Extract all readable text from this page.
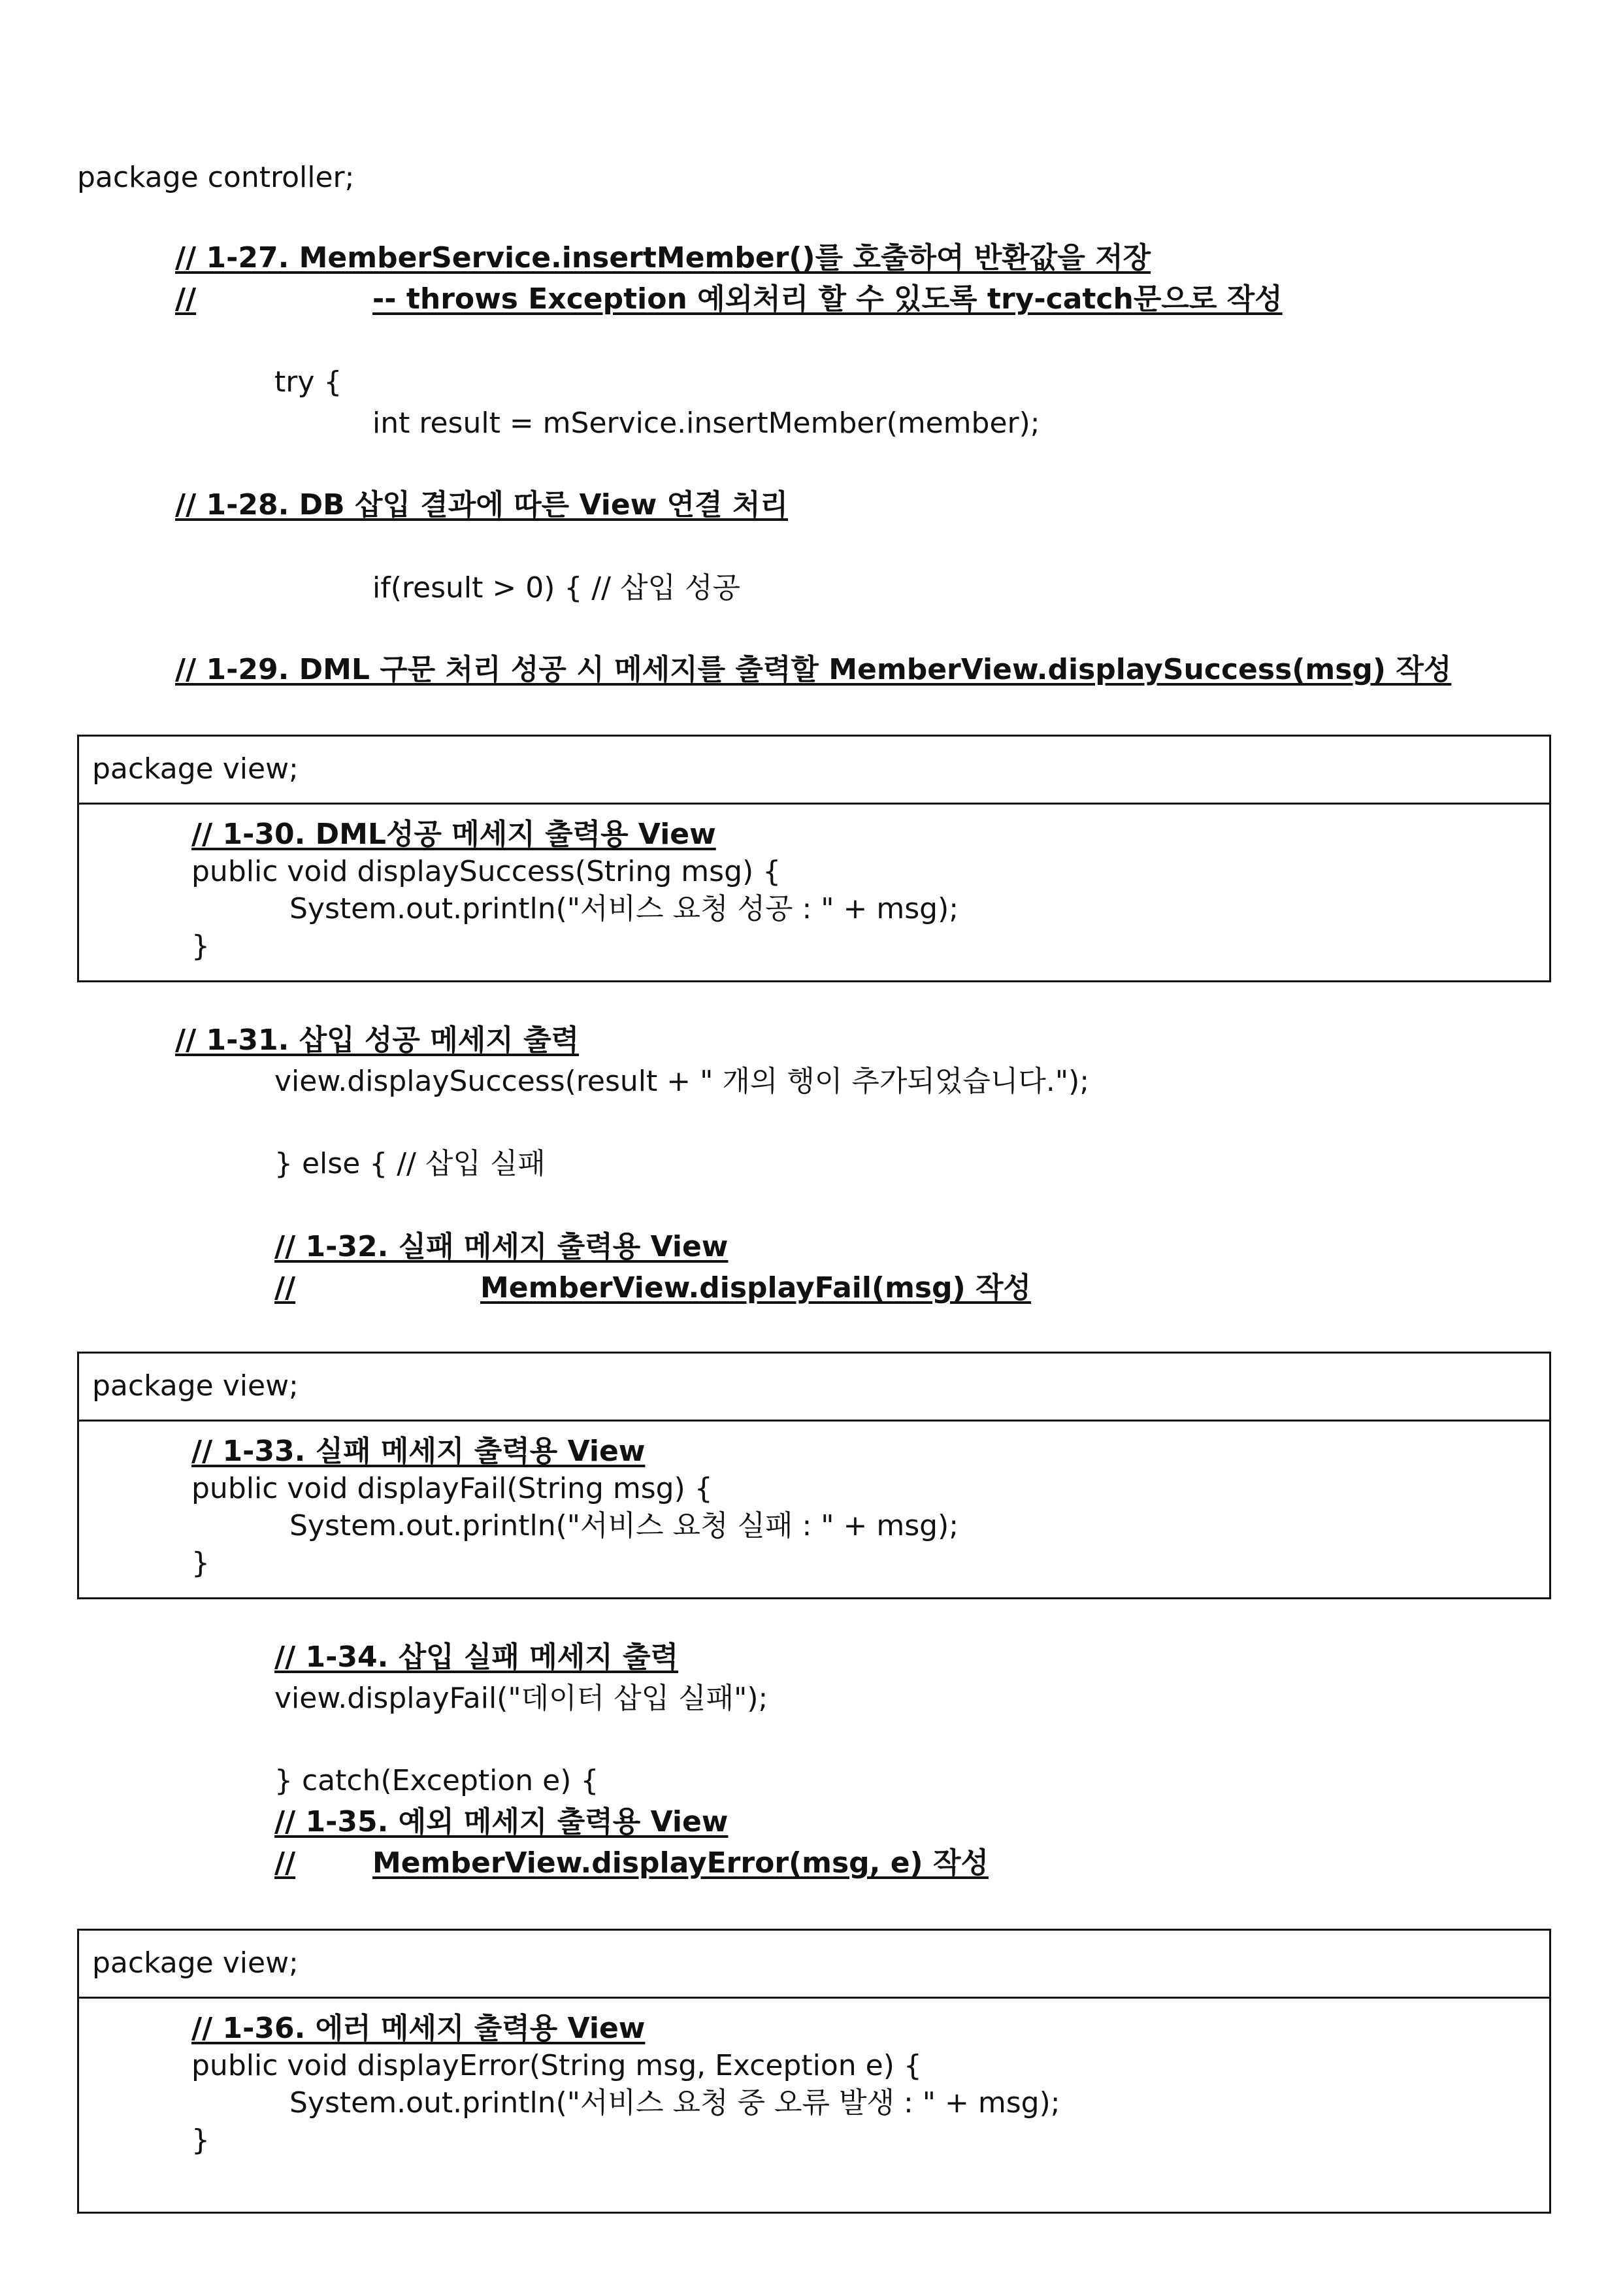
package controller;

// 1-27. MemberService.insertMember()를 호출하여 반환값을 저장

//	-- throws Exception 예외처리 할 수 있도록 try-catch문으로 작성

try {

int result = mService.insertMember(member);

// 1-28. DB 삽입 결과에 따른 View 연결 처리

if(result > 0) { // 삽입 성공

// 1-29. DML 구문 처리 성공 시 메세지를 출력할 MemberView.displaySuccess(msg) 작성

package view;

// 1-30. DML성공 메세지 출력용 View

public void displaySuccess(String msg) {

System.out.println("서비스 요청 성공 : " + msg);

}

// 1-31. 삽입 성공 메세지 출력

view.displaySuccess(result + " 개의 행이 추가되었습니다.");

} else { // 삽입 실패

// 1-32. 실패 메세지 출력용 View

//	MemberView.displayFail(msg) 작성

package view;

// 1-33. 실패 메세지 출력용 View

public void displayFail(String msg) {

System.out.println("서비스 요청 실패 : " + msg);

}

// 1-34. 삽입 실패 메세지 출력

view.displayFail("데이터 삽입 실패");

} catch(Exception e) {

// 1-35. 예외 메세지 출력용 View

//	MemberView.displayError(msg, e) 작성

package view;

// 1-36. 에러 메세지 출력용 View

public void displayError(String msg, Exception e) {

System.out.println("서비스 요청 중 오류 발생 : " + msg);

}
